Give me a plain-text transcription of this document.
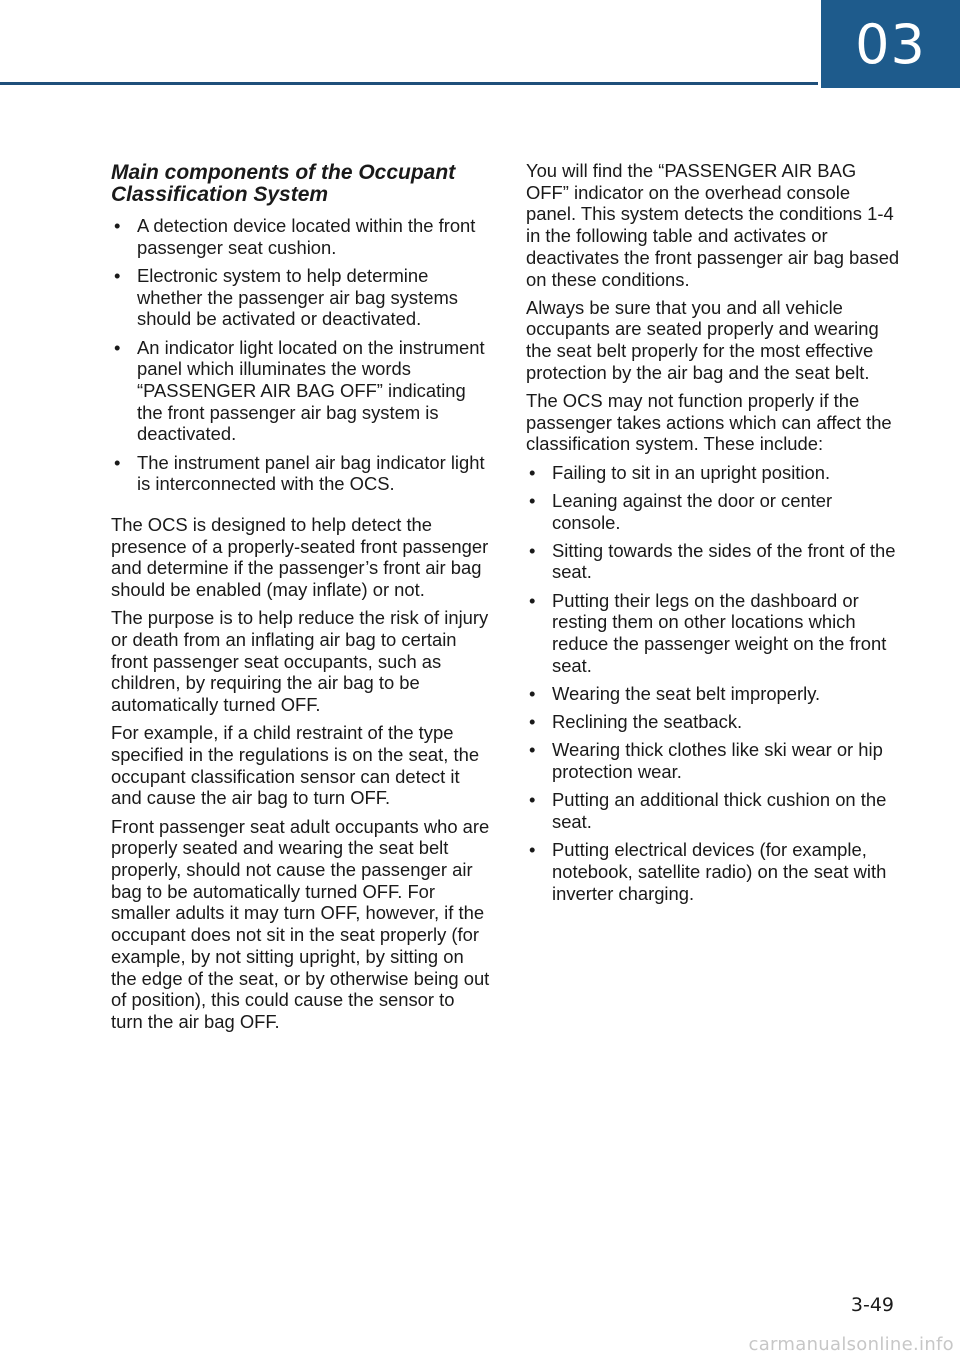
03
Main components of the Occupant Classification System
• A detection device located within the front passenger seat cushion.
• Electronic system to help determine whether the passenger air bag systems should be activated or deactivated.
• An indicator light located on the instrument panel which illuminates the words “PASSENGER AIR BAG OFF” indicating the front passenger air bag system is deactivated.
• The instrument panel air bag indicator light is interconnected with the OCS.

The OCS is designed to help detect the presence of a properly-seated front passenger and determine if the passenger’s front air bag should be enabled (may inflate) or not.

The purpose is to help reduce the risk of injury or death from an inflating air bag to certain front passenger seat occupants, such as children, by requiring the air bag to be automatically turned OFF.

For example, if a child restraint of the type specified in the regulations is on the seat, the occupant classification sensor can detect it and cause the air bag to turn OFF.

Front passenger seat adult occupants who are properly seated and wearing the seat belt properly, should not cause the passenger air bag to be automatically turned OFF. For smaller adults it may turn OFF, however, if the occupant does not sit in the seat properly (for example, by not sitting upright, by sitting on the edge of the seat, or by otherwise being out of position), this could cause the sensor to turn the air bag OFF.

You will find the “PASSENGER AIR BAG OFF” indicator on the overhead console panel. This system detects the conditions 1-4 in the following table and activates or deactivates the front passenger air bag based on these conditions.

Always be sure that you and all vehicle occupants are seated properly and wearing the seat belt properly for the most effective protection by the air bag and the seat belt.

The OCS may not function properly if the passenger takes actions which can affect the classification system. These include:

• Failing to sit in an upright position.
• Leaning against the door or center console.
• Sitting towards the sides of the front of the seat.
• Putting their legs on the dashboard or resting them on other locations which reduce the passenger weight on the front seat.
• Wearing the seat belt improperly.
• Reclining the seatback.
• Wearing thick clothes like ski wear or hip protection wear.
• Putting an additional thick cushion on the seat.
• Putting electrical devices (for example, notebook, satellite radio) on the seat with inverter charging.
3-49
carmanualsonline.info
